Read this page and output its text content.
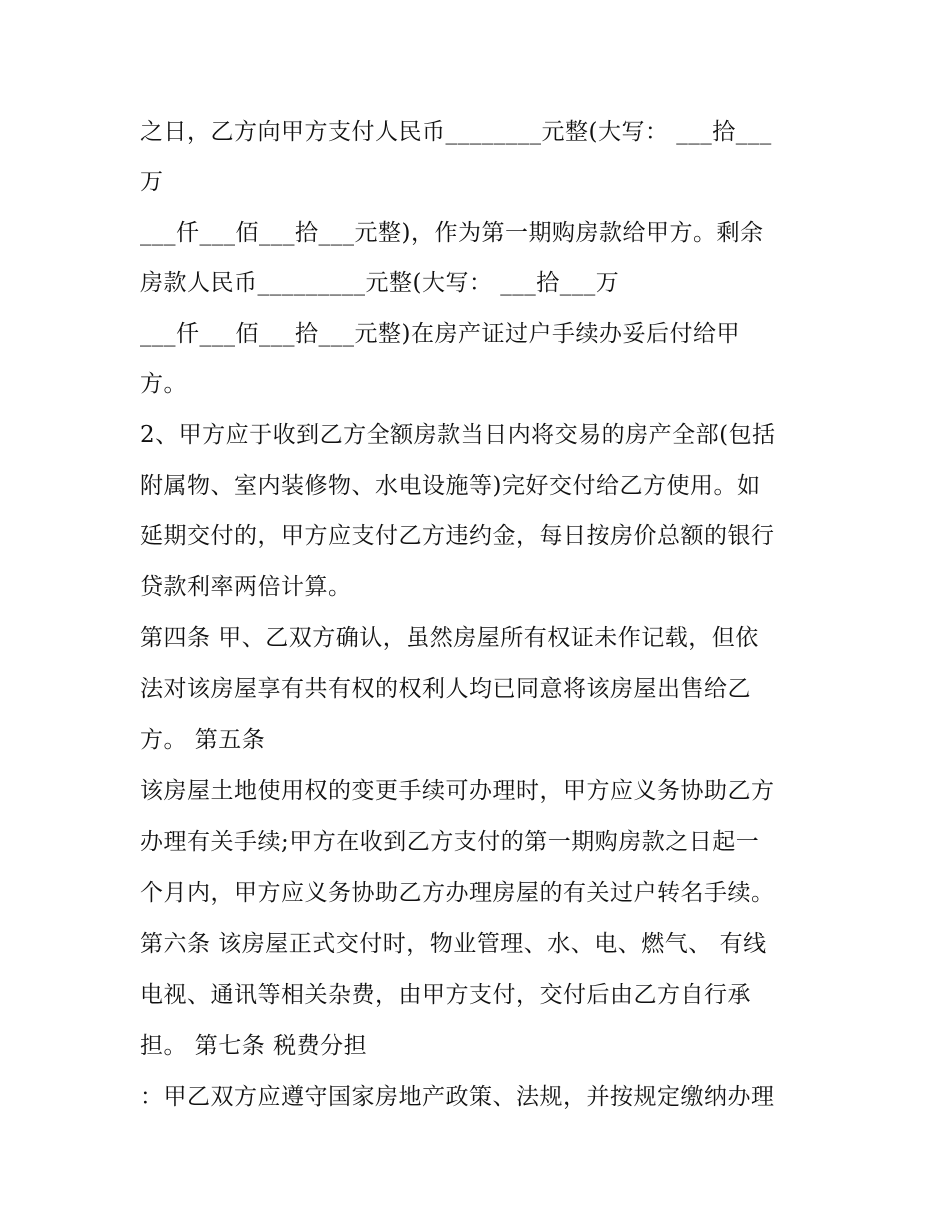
之日，乙方向甲方支付人民币________元整(大写： ___拾___
万
___仟___佰___拾___元整)，作为第一期购房款给甲方。剩余
房款人民币_________元整(大写： ___拾___万
___仟___佰___拾___元整)在房产证过户手续办妥后付给甲
方。
2、甲方应于收到乙方全额房款当日内将交易的房产全部(包括
附属物、室内装修物、水电设施等)完好交付给乙方使用。如
延期交付的，甲方应支付乙方违约金，每日按房价总额的银行
贷款利率两倍计算。
第四条 甲、乙双方确认，虽然房屋所有权证未作记载，但依
法对该房屋享有共有权的权利人均已同意将该房屋出售给乙
方。 第五条
该房屋土地使用权的变更手续可办理时，甲方应义务协助乙方
办理有关手续;甲方在收到乙方支付的第一期购房款之日起一
个月内，甲方应义务协助乙方办理房屋的有关过户转名手续。
第六条 该房屋正式交付时，物业管理、水、电、燃气、 有线
电视、通讯等相关杂费，由甲方支付，交付后由乙方自行承
担。 第七条 税费分担
：甲乙双方应遵守国家房地产政策、法规，并按规定缴纳办理
